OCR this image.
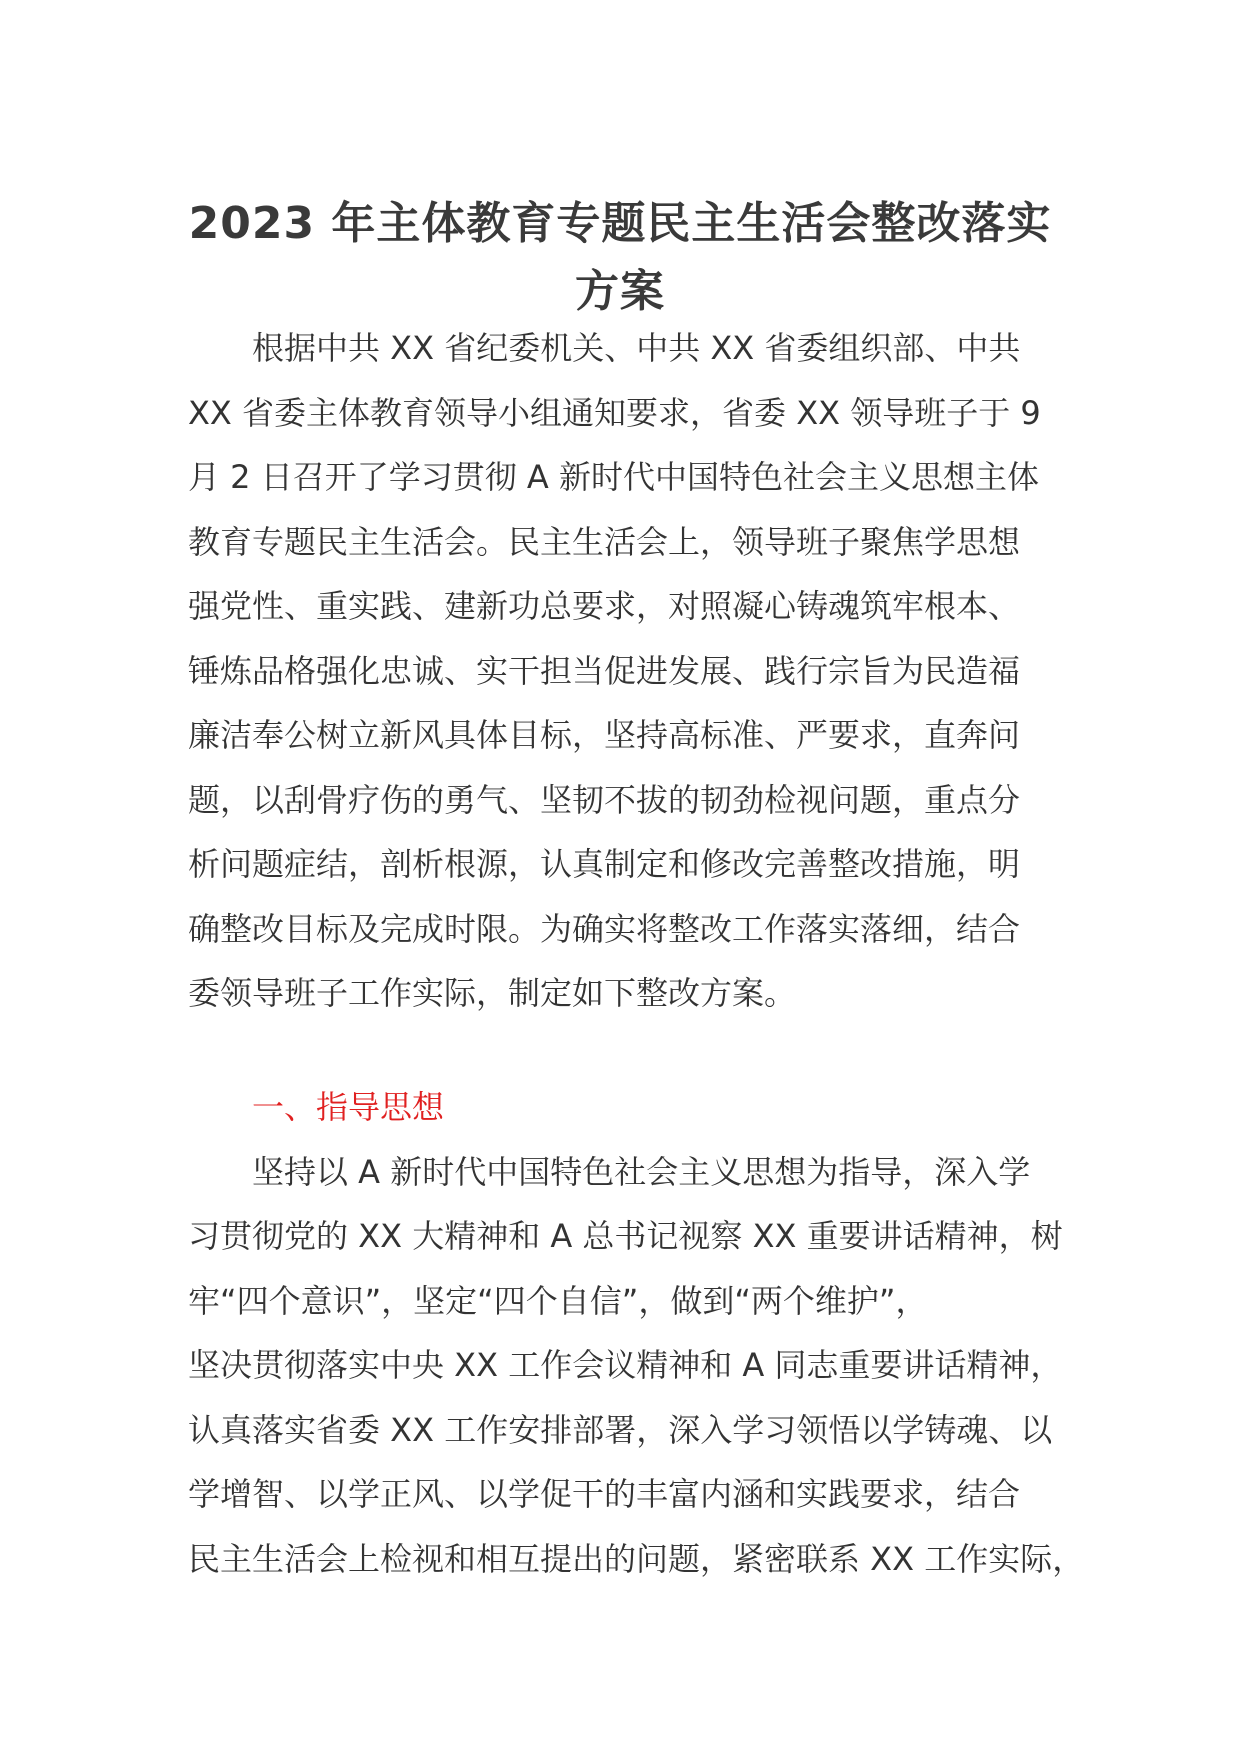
2023 年主体教育专题民主生活会整改落实
方案
根据中共 XX 省纪委机关、中共 XX 省委组织部、中共
XX 省委主体教育领导小组通知要求，省委 XX 领导班子于 9
月 2 日召开了学习贯彻 A 新时代中国特色社会主义思想主体
教育专题民主生活会。民主生活会上，领导班子聚焦学思想
强党性、重实践、建新功总要求，对照凝心铸魂筑牢根本、
锤炼品格强化忠诚、实干担当促进发展、践行宗旨为民造福
廉洁奉公树立新风具体目标，坚持高标准、严要求，直奔问
题，以刮骨疗伤的勇气、坚韧不拔的韧劲检视问题，重点分
析问题症结，剖析根源，认真制定和修改完善整改措施，明
确整改目标及完成时限。为确实将整改工作落实落细，结合
委领导班子工作实际，制定如下整改方案。
一、指导思想
坚持以 A 新时代中国特色社会主义思想为指导，深入学
习贯彻党的 XX 大精神和 A 总书记视察 XX 重要讲话精神，树
牢“四个意识”，坚定“四个自信”，做到“两个维护”，
坚决贯彻落实中央 XX 工作会议精神和 A 同志重要讲话精神，
认真落实省委 XX 工作安排部署，深入学习领悟以学铸魂、以
学增智、以学正风、以学促干的丰富内涵和实践要求，结合
民主生活会上检视和相互提出的问题，紧密联系 XX 工作实际，
